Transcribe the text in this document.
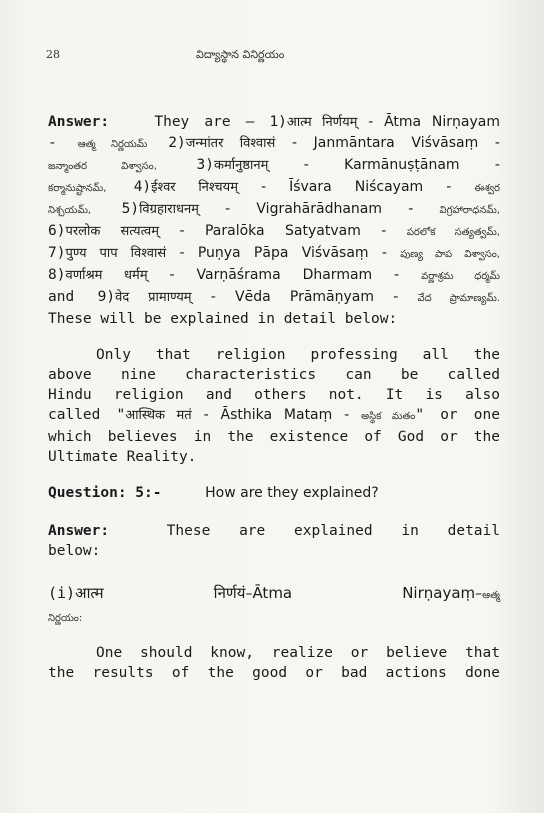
28	విద్యాస్థాన వినిర్ణయం
Answer:	They are – 1)आत्म निर्णयम् - Ātma Nirṇayam
- ఆత్మ నిర్ణయమ్ 2)जन्मांतर विश्वासं - Janmāntara Viśvāsaṃ -
జన్మాంతర విశ్వాసం, 3)कर्मानुष्ठानम् - Karmānuṣṭānam -
కర్మానుష్టానమ్, 4)ईश्वर निश्चयम् - Īśvara Niścayam - ఈశ్వర
నిశ్చయమ్, 5)विग्रहाराधनम् - Vigrahārādhanam - విగ్రహారాధనమ్,
6)परलोक सत्यत्वम् - Paralōka Satyatvam - పరలోక సత్యత్వమ్,
7)पुण्य पाप विश्वासं - Puṇya Pāpa Viśvāsaṃ - పుణ్య పాప విశ్వాసం,
8)वर्णाश्रम धर्मम् - Varṇāśrama Dharmam - వర్ణాశ్రమ ధర్మమ్
and 9)वेद प्रामाण्यम् - Vēda Prāmāṇyam - వేద ప్రామాణ్యమ్.
These will be explained in detail below:
Only that religion professing all the
above nine characteristics can be called
Hindu religion and others not. It is also
called "आस्थिक मतं - Āsthika Mataṃ - అస్థిక మతం" or one
which believes in the existence of God or the
Ultimate Reality.
Question: 5:-	How are they explained?
Answer:	These are explained in detail
below:
(i)आत्म निर्णयं–Ātma Nirṇayaṃ–ఆత్మ
నిర్ణయం:
One should know, realize or believe that
the results of the good or bad actions done
